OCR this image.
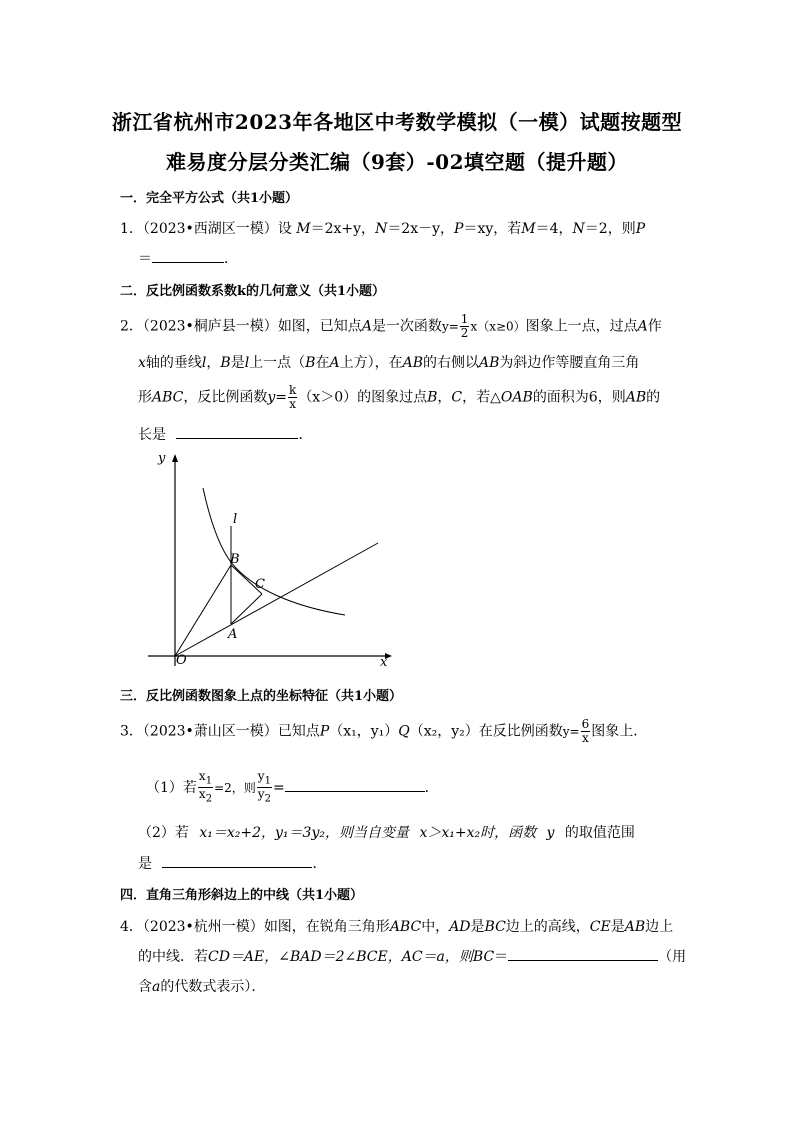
浙江省杭州市2023年各地区中考数学模拟（一模）试题按题型
难易度分层分类汇编（9套）-02填空题（提升题）
一．完全平方公式（共1小题）
1．（2023•西湖区一模）设 M＝2x+y，N＝2x－y，P＝xy，若M＝4，N＝2，则P
＝	．
二．反比例函数系数k的几何意义（共1小题）
2．（2023•桐庐县一模）如图，已知点A是一次函数$y= \frac{1}{2} x(x\ge 0)$图象上一点，过点A作
x轴的垂线l，B是l上一点（B在A上方），在AB的右侧以AB为斜边作等腰直角三角
形ABC，反比例函数$y= \frac{k}{x} (x>0)$的图象过点B，C，若△OAB的面积为6，则AB的
长是	．
y
x
O
A
B
C
l
三．反比例函数图象上点的坐标特征（共1小题）
3．（2023•萧山区一模）已知点P（x₁，y₁）Q（x₂，y₂）在反比例函数$y= \frac{6}{x}$ 图象上．
（1）若 $\frac{x_1}{x_2} =2$，则 $\frac{y_1}{y_2}$ =	．
（2）若 x₁＝x₂+2，y₁＝3y₂，则当自变量 x＞x₁+x₂时，函数 y 的取值范围
是	．
四．直角三角形斜边上的中线（共1小题）
4．（2023•杭州一模）如图，在锐角三角形ABC中，AD是BC边上的高线，CE是AB边上
的中线．若CD＝AE，∠BAD＝2∠BCE，AC＝a，则BC＝	（用
含a的代数式表示）．
